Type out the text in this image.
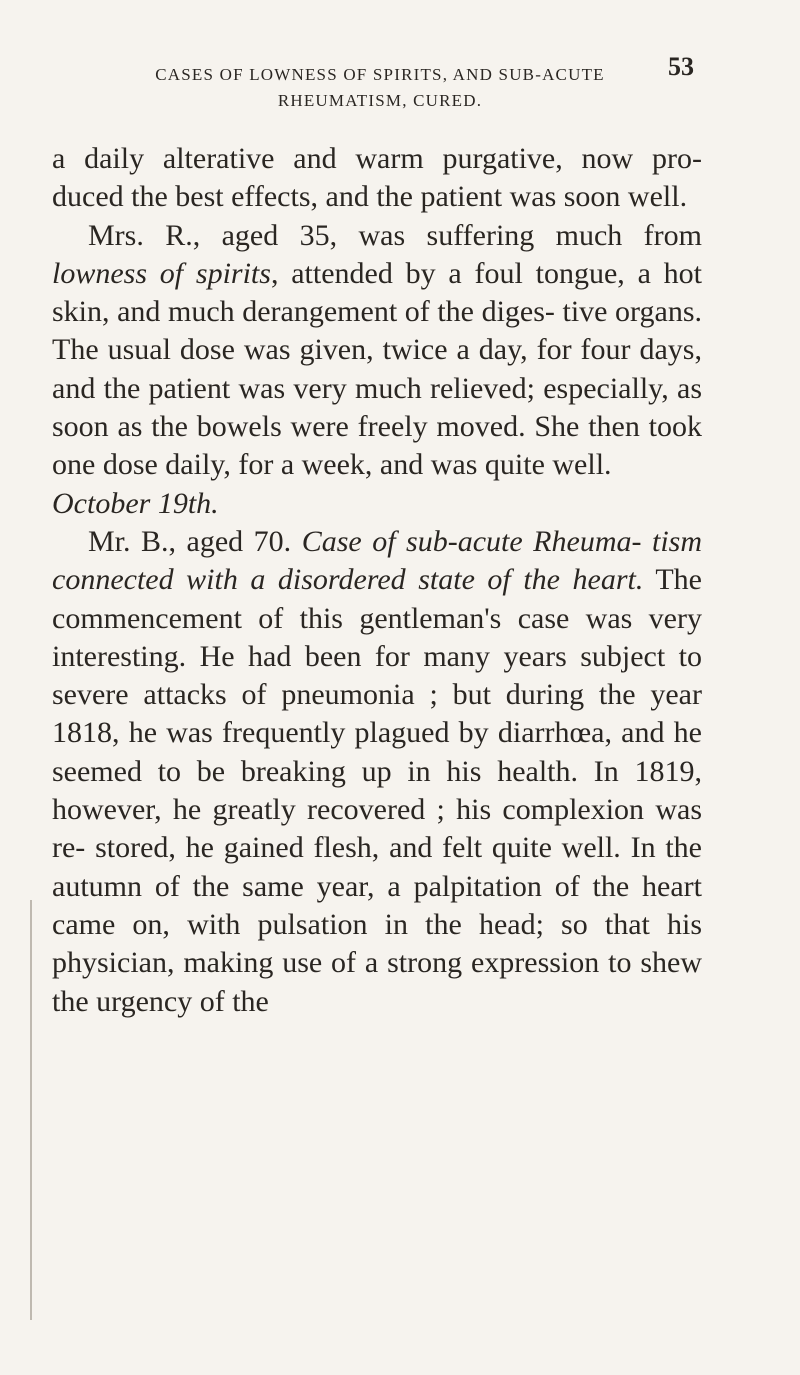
CASES OF LOWNESS OF SPIRITS, AND SUB-ACUTE
RHEUMATISM, CURED.
53

a daily alterative and warm purgative, now pro- duced the best effects, and the patient was soon well.

Mrs. R., aged 35, was suffering much from lowness of spirits, attended by a foul tongue, a hot skin, and much derangement of the diges- tive organs. The usual dose was given, twice a day, for four days, and the patient was very much relieved; especially, as soon as the bowels were freely moved. She then took one dose daily, for a week, and was quite well.

October 19th.

Mr. B., aged 70. Case of sub-acute Rheuma- tism connected with a disordered state of the heart. The commencement of this gentleman's case was very interesting. He had been for many years subject to severe attacks of pneumonia ; but during the year 1818, he was frequently plagued by diarrhœa, and he seemed to be breaking up in his health. In 1819, however, he greatly recovered ; his complexion was re- stored, he gained flesh, and felt quite well. In the autumn of the same year, a palpitation of the heart came on, with pulsation in the head; so that his physician, making use of a strong expression to shew the urgency of the
